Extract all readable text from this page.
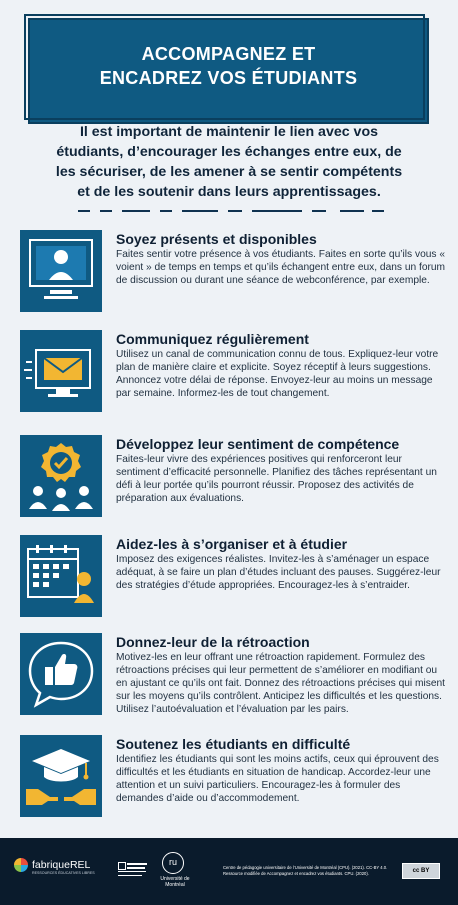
ACCOMPAGNEZ ET
ENCADREZ VOS ÉTUDIANTS
Il est important de maintenir le lien avec vos étudiants, d’encourager les échanges entre eux, de les sécuriser, de les amener à se sentir compétents et de les soutenir dans leurs apprentissages.
Soyez présents et disponibles
Faites sentir votre présence à vos étudiants. Faites en sorte qu’ils vous « voient » de temps en temps et qu’ils échangent entre eux, dans un forum de discussion ou durant une séance de webconférence, par exemple.
Communiquez régulièrement
Utilisez un canal de communication connu de tous. Expliquez-leur votre plan de manière claire et explicite. Soyez réceptif à leurs suggestions. Annoncez votre délai de réponse. Envoyez-leur au moins un message par semaine. Informez-les de tout changement.
Développez leur sentiment de compétence
Faites-leur vivre des expériences positives qui renforceront leur sentiment d’efficacité personnelle. Planifiez des tâches représentant un défi à leur portée qu’ils pourront réussir. Proposez des activités de préparation aux évaluations.
Aidez-les à s’organiser et à étudier
Imposez des exigences réalistes. Invitez-les à s’aménager un espace adéquat, à se faire un plan d’études incluant des pauses. Suggérez-leur des stratégies d’étude appropriées. Encouragez-les à s’entraider.
Donnez-leur de la rétroaction
Motivez-les en leur offrant une rétroaction rapidement. Formulez des rétroactions précises qui leur permettent de s’améliorer en modifiant ou en ajustant ce qu’ils ont fait. Donnez des rétroactions précises qui misent sur les moyens qu’ils contrôlent. Anticipez les difficultés et les questions. Utilisez l’autoévaluation et l’évaluation par les pairs.
Soutenez les étudiants en difficulté
Identifiez les étudiants qui sont les moins actifs, ceux qui éprouvent des difficultés et les étudiants en situation de handicap. Accordez-leur une attention et un suivi particuliers. Encouragez-les à formuler des demandes d’aide ou d’accommodement.
fabriqueREL
RESSOURCES ÉDUCATIVES LIBRES
ru
Université de Montréal
Centre de pédagogie universitaire de l’Université de Montréal (CPU). (2021). CC-BY 4.0. Ressource modifiée de Accompagnez et encadrez vos étudiants. CPU. (2020).	cc BY
